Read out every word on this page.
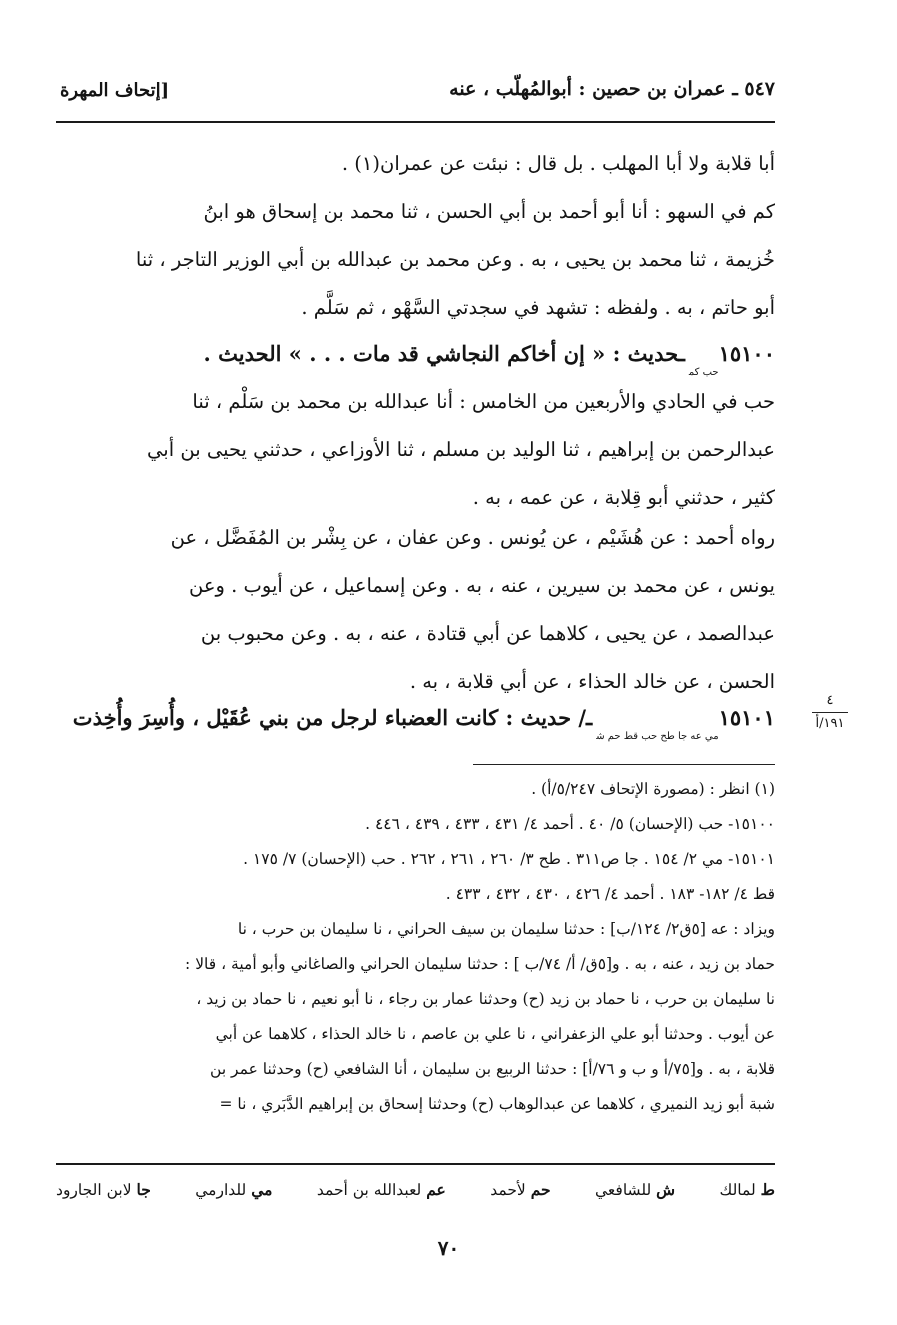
٥٤٧ ـ عمران بن حصين : أبوالمُهلّب ، عنه
[إتحاف المهرة
أبا قلابة ولا أبا المهلب . بل قال : نبئت عن عمران(١) .
كم في السهو : أنا أبو أحمد بن أبي الحسن ، ثنا محمد بن إسحاق هو ابنُ
خُزيمة ، ثنا محمد بن يحيى ، به . وعن محمد بن عبدالله بن أبي الوزير التاجر ، ثنا
أبو حاتم ، به . ولفظه : تشهد في سجدتي السَّهْو ، ثم سَلَّم .
$١٥١٠٠_{حب كم}ـحديث$ : « إن أخاكم النجاشي قد مات . . . » الحديث .
حب في الحادي والأربعين من الخامس : أنا عبدالله بن محمد بن سَلْم ، ثنا
عبدالرحمن بن إبراهيم ، ثنا الوليد بن مسلم ، ثنا الأوزاعي ، حدثني يحيى بن أبي
كثير ، حدثني أبو قِلابة ، عن عمه ، به .
رواه أحمد : عن هُشَيْم ، عن يُونس . وعن عفان ، عن بِشْر بن المُفَضَّل ، عن
يونس ، عن محمد بن سيرين ، عنه ، به . وعن إسماعيل ، عن أيوب . وعن
عبدالصمد ، عن يحيى ، كلاهما عن أبي قتادة ، عنه ، به . وعن محبوب بن
الحسن ، عن خالد الحذاء ، عن أبي قلابة ، به .
$١٥١٠١_{مي عه جا طح حب قط حم ش}ـ/$ حديث : كانت العضباء لرجل من بني عُقَيْل ، وأُسِرَ وأُخِذت
٤
١٩١/أ
(١) انظر : (مصورة الإتحاف ٥/٢٤٧/أ) .
١٥١٠٠- حب (الإحسان) ٥/ ٤٠ . أحمد ٤/ ٤٣١ ، ٤٣٣ ، ٤٣٩ ، ٤٤٦ .
١٥١٠١- مي ٢/ ١٥٤ . جا ص٣١١ . طح ٣/ ٢٦٠ ، ٢٦١ ، ٢٦٢ . حب (الإحسان) ٧/ ١٧٥ .
قط ٤/ ١٨٢- ١٨٣ . أحمد ٤/ ٤٢٦ ، ٤٣٠ ، ٤٣٢ ، ٤٣٣ .
ويزاد : عه [٥ق٢/ ١٢٤/ب] : حدثنا سليمان بن سيف الحراني ، نا سليمان بن حرب ، نا
حماد بن زيد ، عنه ، به . و[٥ق/ أ/ ٧٤/ب ] : حدثنا سليمان الحراني والصاغاني وأبو أمية ، قالا :
نا سليمان بن حرب ، نا حماد بن زيد (ح) وحدثنا عمار بن رجاء ، نا أبو نعيم ، نا حماد بن زيد ،
عن أيوب . وحدثنا أبو علي الزعفراني ، نا علي بن عاصم ، نا خالد الحذاء ، كلاهما عن أبي
قلابة ، به . و[٧٥/أ و ب و ٧٦/أ] : حدثنا الربيع بن سليمان ، أنا الشافعي (ح) وحدثنا عمر بن
شبة أبو زيد النميري ، كلاهما عن عبدالوهاب (ح) وحدثنا إسحاق بن إبراهيم الدَّبَري ، نا =
ط لمالك
ش للشافعي
حم لأحمد
عم لعبدالله بن أحمد
مي للدارمي
جا لابن الجارود
٧٠
